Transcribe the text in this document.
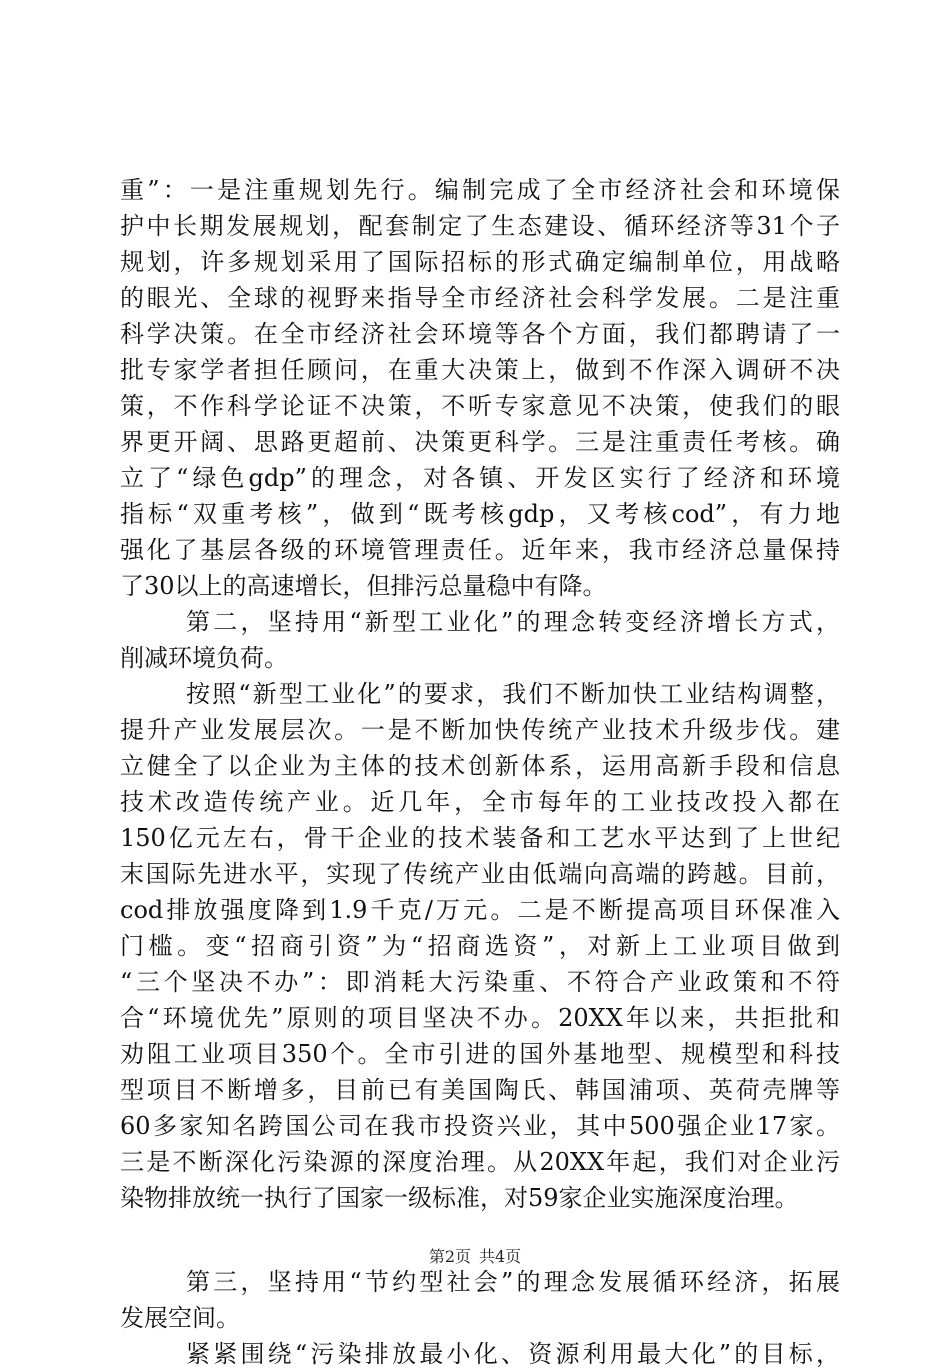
重”：一是注重规划先行。编制完成了全市经济社会和环境保
护中长期发展规划，配套制定了生态建设、循环经济等31个子
规划，许多规划采用了国际招标的形式确定编制单位，用战略
的眼光、全球的视野来指导全市经济社会科学发展。二是注重
科学决策。在全市经济社会环境等各个方面，我们都聘请了一
批专家学者担任顾问，在重大决策上，做到不作深入调研不决
策，不作科学论证不决策，不听专家意见不决策，使我们的眼
界更开阔、思路更超前、决策更科学。三是注重责任考核。确
立了“绿色gdp”的理念，对各镇、开发区实行了经济和环境
指标“双重考核”，做到“既考核gdp，又考核cod”，有力地
强化了基层各级的环境管理责任。近年来，我市经济总量保持
了30以上的高速增长，但排污总量稳中有降。
第二，坚持用“新型工业化”的理念转变经济增长方式，
削减环境负荷。
按照“新型工业化”的要求，我们不断加快工业结构调整，
提升产业发展层次。一是不断加快传统产业技术升级步伐。建
立健全了以企业为主体的技术创新体系，运用高新手段和信息
技术改造传统产业。近几年，全市每年的工业技改投入都在
150亿元左右，骨干企业的技术装备和工艺水平达到了上世纪
末国际先进水平，实现了传统产业由低端向高端的跨越。目前，
cod排放强度降到1.9千克/万元。二是不断提高项目环保准入
门槛。变“招商引资”为“招商选资”，对新上工业项目做到
“三个坚决不办”：即消耗大污染重、不符合产业政策和不符
合“环境优先”原则的项目坚决不办。20XX年以来，共拒批和
劝阻工业项目350个。全市引进的国外基地型、规模型和科技
型项目不断增多，目前已有美国陶氏、韩国浦项、英荷壳牌等
60多家知名跨国公司在我市投资兴业，其中500强企业17家。
三是不断深化污染源的深度治理。从20XX年起，我们对企业污
染物排放统一执行了国家一级标准，对59家企业实施深度治理。
第三，坚持用“节约型社会”的理念发展循环经济，拓展
发展空间。
紧紧围绕“污染排放最小化、资源利用最大化”的目标，
第2页 共4页
